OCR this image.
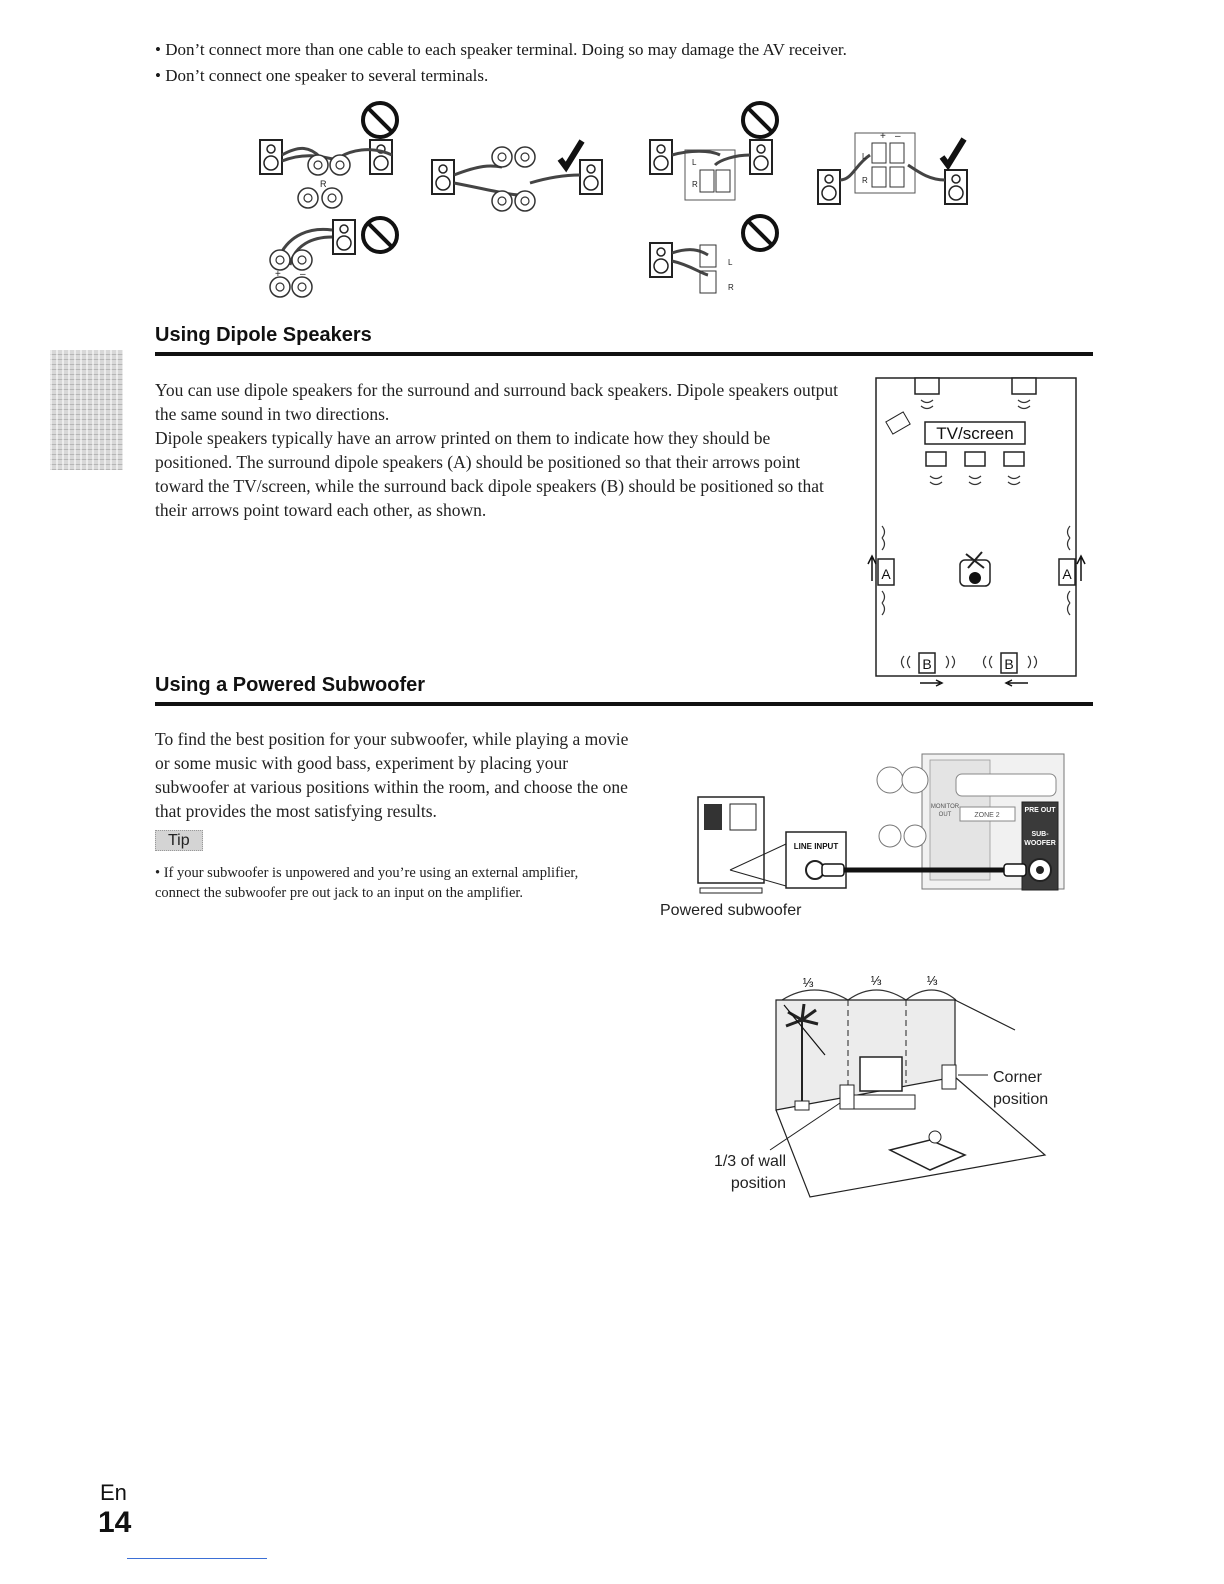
• Don’t connect more than one cable to each speaker terminal. Doing so may damage the AV receiver.
• Don’t connect one speaker to several terminals.
R
+ –
L
R
L
R
+ –
L
R
Using Dipole Speakers
You can use dipole speakers for the surround and surround back speakers. Dipole speakers output the same sound in two directions.
Dipole speakers typically have an arrow printed on them to indicate how they should be positioned. The surround dipole speakers (A) should be positioned so that their arrows point toward the TV/screen, while the surround back dipole speakers (B) should be positioned so that their arrows point toward each other, as shown.
TV/screen
A	A
B	B
Using a Powered Subwoofer
To find the best position for your subwoofer, while playing a movie or some music with good bass, experiment by placing your subwoofer at various positions within the room, and choose the one that provides the most satisfying results.
Tip
• If your subwoofer is unpowered and you’re using an external amplifier, connect the subwoofer pre out jack to an input on the amplifier.
ZONE 2
MONITOR
OUT
PRE OUT
SUB-
WOOFER
LINE INPUT
Powered subwoofer
⅓	⅓	⅓
Corner
position
1/3 of wall
position
En
14
